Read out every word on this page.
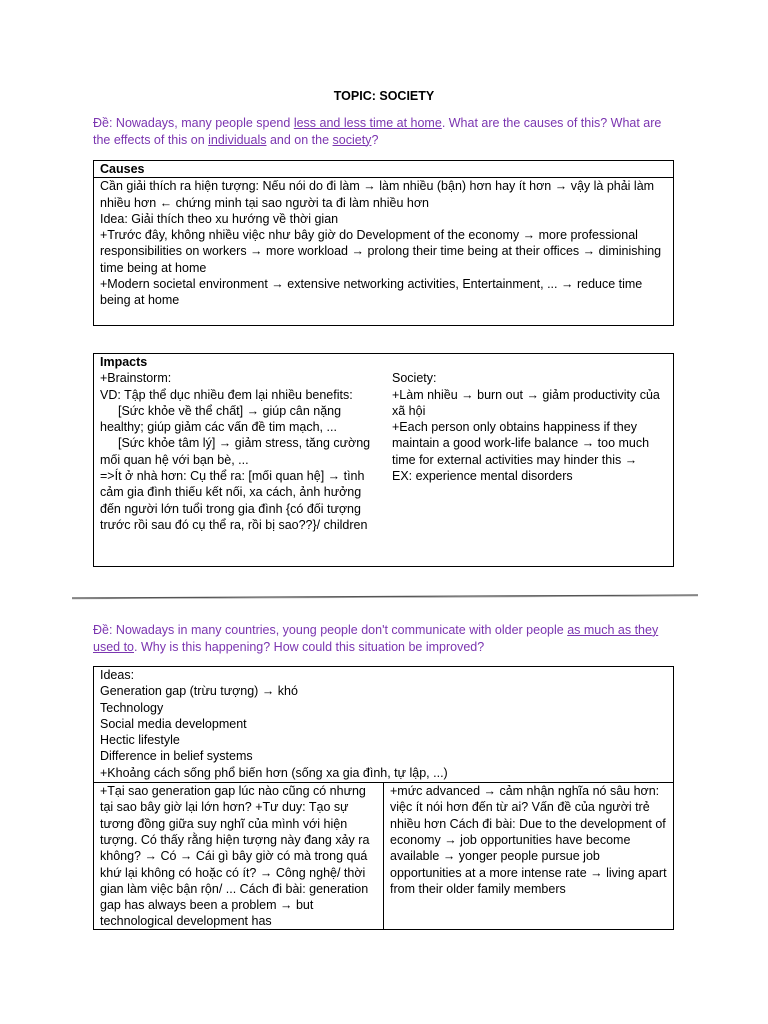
TOPIC: SOCIETY
Đề: Nowadays, many people spend less and less time at home. What are the causes of this? What are the effects of this on individuals and on the society?
Causes
Cần giải thích ra hiện tượng: Nếu nói do đi làm → làm nhiều (bận) hơn hay ít hơn → vậy là phải làm nhiều hơn ← chứng minh tại sao người ta đi làm nhiều hơn
Idea: Giải thích theo xu hướng về thời gian
+Trước đây, không nhiều việc như bây giờ do Development of the economy → more professional responsibilities on workers → more workload → prolong their time being at their offices → diminishing time being at home
+Modern societal environment → extensive networking activities, Entertainment, ... → reduce time being at home
Impacts
+Brainstorm:
VD: Tập thể dục nhiều đem lại nhiều benefits:
[Sức khỏe về thể chất] → giúp cân nặng healthy; giúp giảm các vấn đề tim mạch, ...
[Sức khỏe tâm lý] → giảm stress, tăng cường mối quan hệ với bạn bè, ...
=>Ít ở nhà hơn: Cụ thể ra: [mối quan hệ] → tình cảm gia đình thiếu kết nối, xa cách, ảnh hưởng đến người lớn tuổi trong gia đình {có đối tượng trước rồi sau đó cụ thể ra, rồi bị sao??}/ children
Society:
+Làm nhiều → burn out → giảm productivity của xã hội
+Each person only obtains happiness if they maintain a good work-life balance → too much time for external activities may hinder this →
EX: experience mental disorders
Đề: Nowadays in many countries, young people don't communicate with older people as much as they used to. Why is this happening? How could this situation be improved?
Ideas:
Generation gap (trừu tượng) → khó
Technology
Social media development
Hectic lifestyle
Difference in belief systems
+Khoảng cách sống phổ biến hơn (sống xa gia đình, tự lập, ...)
+Tại sao generation gap lúc nào cũng có nhưng tại sao bây giờ lại lớn hơn? +Tư duy: Tạo sự tương đồng giữa suy nghĩ của mình với hiện tượng. Có thấy rằng hiện tượng này đang xảy ra không? → Có → Cái gì bây giờ có mà trong quá khứ lại không có hoặc có ít? → Công nghệ/ thời gian làm việc bận rộn/ ... Cách đi bài: generation gap has always been a problem → but technological development has
+mức advanced → cảm nhận nghĩa nó sâu hơn: việc ít nói hơn đến từ ai? Vấn đề của người trẻ nhiều hơn Cách đi bài: Due to the development of economy → job opportunities have become available → yonger people pursue job opportunities at a more intense rate → living apart from their older family members
